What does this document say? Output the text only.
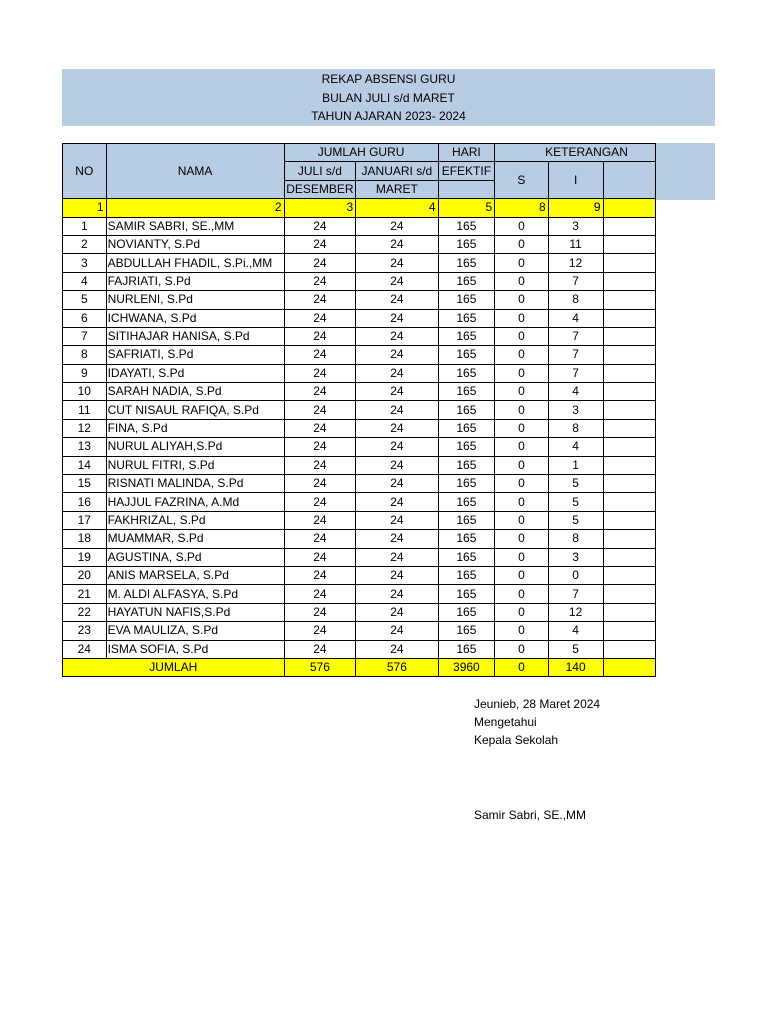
REKAP ABSENSI GURU
BULAN JULI s/d MARET
TAHUN AJARAN 2023- 2024
NO	NAMA	JUMLAH GURU		HARI	KETERANGAN		
		JULI s/d	JANUARI s/d	EFEKTIF	S	I	
		DESEMBER	MARET				
1	2	3	4	5	8	9	
1	SAMIR SABRI, SE.,MM	24	24	165	0	3	
2	NOVIANTY, S.Pd	24	24	165	0	11	
3	ABDULLAH FHADIL, S.Pi.,MM	24	24	165	0	12	
4	FAJRIATI, S.Pd	24	24	165	0	7	
5	NURLENI, S.Pd	24	24	165	0	8	
6	ICHWANA, S.Pd	24	24	165	0	4	
7	SITIHAJAR HANISA, S.Pd	24	24	165	0	7	
8	SAFRIATI, S.Pd	24	24	165	0	7	
9	IDAYATI, S.Pd	24	24	165	0	7	
10	SARAH NADIA, S.Pd	24	24	165	0	4	
11	CUT NISAUL RAFIQA, S.Pd	24	24	165	0	3	
12	FINA, S.Pd	24	24	165	0	8	
13	NURUL ALIYAH,S.Pd	24	24	165	0	4	
14	NURUL FITRI, S.Pd	24	24	165	0	1	
15	RISNATI MALINDA, S.Pd	24	24	165	0	5	
16	HAJJUL FAZRINA, A.Md	24	24	165	0	5	
17	FAKHRIZAL, S.Pd	24	24	165	0	5	
18	MUAMMAR, S.Pd	24	24	165	0	8	
19	AGUSTINA, S.Pd	24	24	165	0	3	
20	ANIS MARSELA, S.Pd	24	24	165	0	0	
21	M. ALDI ALFASYA, S.Pd	24	24	165	0	7	
22	HAYATUN NAFIS,S.Pd	24	24	165	0	12	
23	EVA MAULIZA, S.Pd	24	24	165	0	4	
24	ISMA SOFIA, S.Pd	24	24	165	0	5	
JUMLAH		576	576	3960	0	140	
Jeunieb, 28 Maret 2024
Mengetahui
Kepala Sekolah
Samir Sabri, SE.,MM
